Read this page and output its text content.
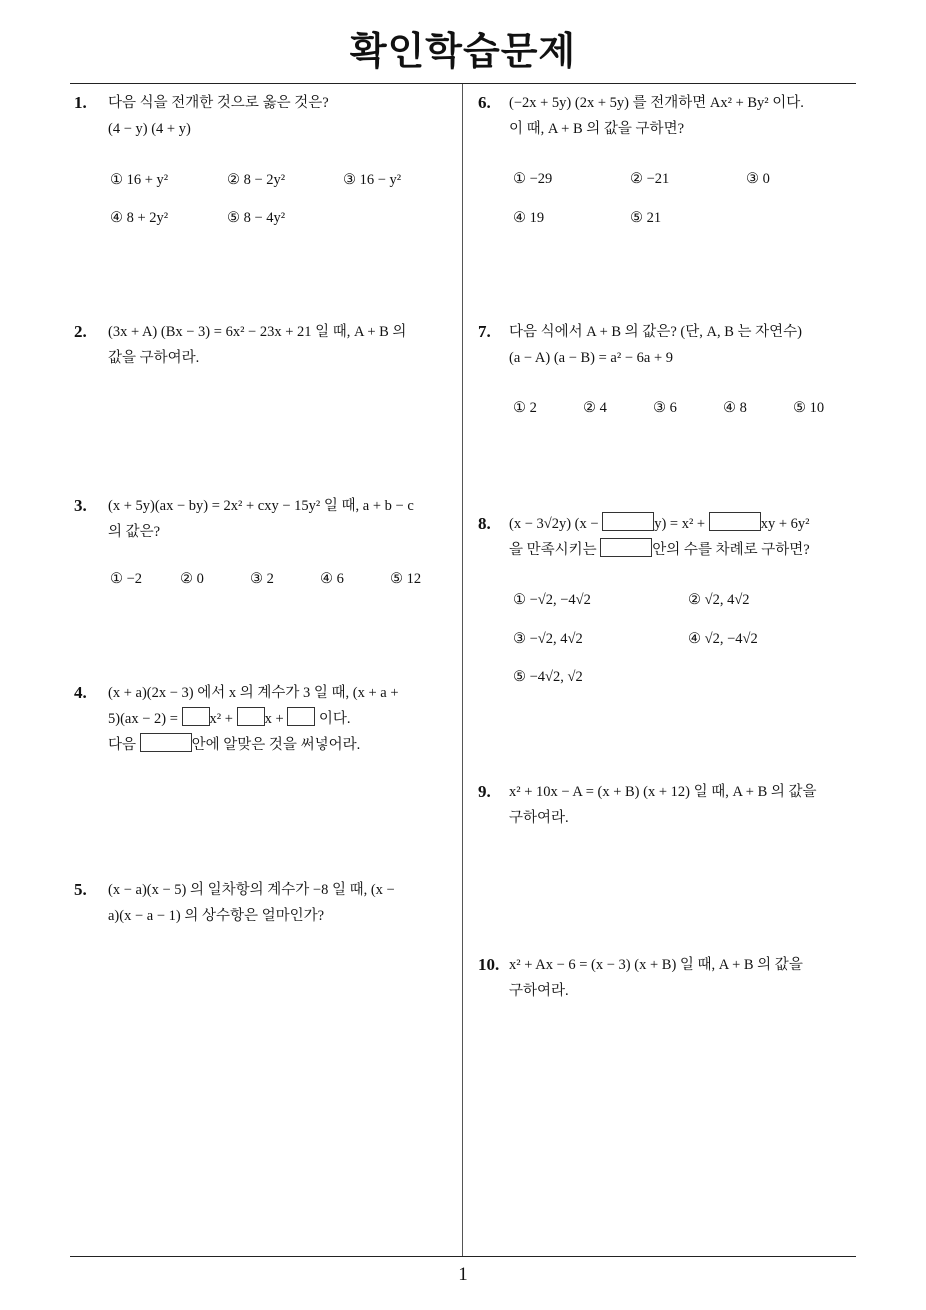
확인학습문제
1. 다음 식을 전개한 것으로 옳은 것은?
(4 − y) (4 + y)
① 16 + y²	② 8 − 2y²	③ 16 − y²
④ 8 + 2y²	⑤ 8 − 4y²
2. (3x + A) (Bx − 3) = 6x² − 23x + 21 일 때, A + B 의
값을 구하여라.
3. (x + 5y)(ax − by) = 2x² + cxy − 15y² 일 때, a + b − c
의 값은?
① −2	② 0	③ 2	④ 6	⑤ 12
4. (x + a)(2x − 3) 에서 x 의 계수가 3 일 때, (x + a +
5)(ax − 2) = x² + x +  이다.
다음	안에 알맞은 것을 써넣어라.
5. (x − a)(x − 5) 의 일차항의 계수가 −8 일 때, (x −
a)(x − a − 1) 의 상수항은 얼마인가?
6. (−2x + 5y) (2x + 5y) 를 전개하면 Ax² + By² 이다.
이 때, A + B 의 값을 구하면?
① −29	② −21	③ 0
④ 19	⑤ 21
7. 다음 식에서 A + B 의 값은? (단, A, B 는 자연수)
(a − A) (a − B) = a² − 6a + 9
① 2	② 4	③ 6	④ 8	⑤ 10
8. (x − 3√2y) (x −	y) = x² +	xy + 6y²
을 만족시키는	안의 수를 차례로 구하면?
① −√2, −4√2	② √2, 4√2
③ −√2, 4√2	④ √2, −4√2
⑤ −4√2, √2
9. x² + 10x − A = (x + B) (x + 12) 일 때, A + B 의 값을
구하여라.
10. x² + Ax − 6 = (x − 3) (x + B) 일 때, A + B 의 값을
구하여라.
1
